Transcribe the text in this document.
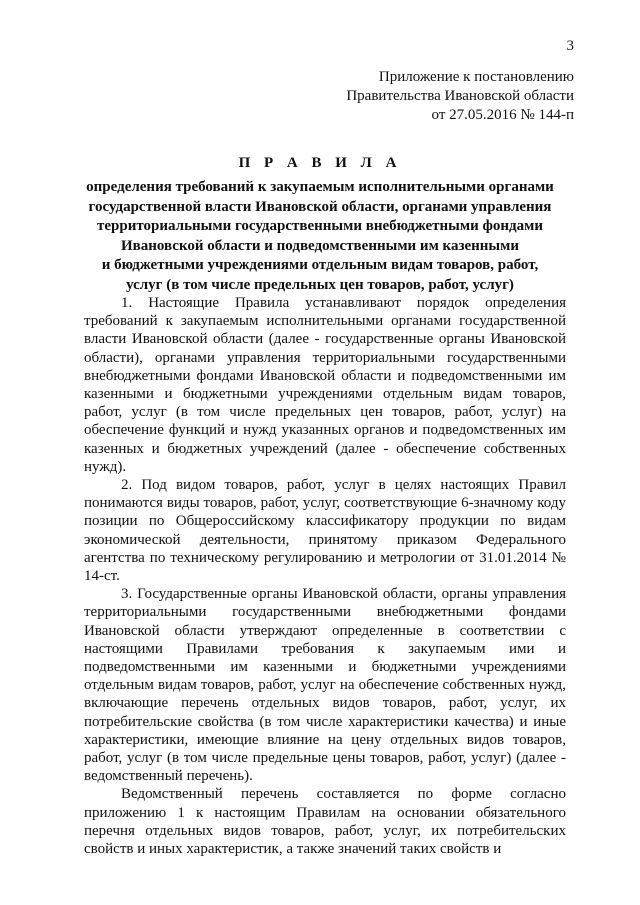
3
Приложение к постановлению
Правительства Ивановской области
от 27.05.2016 № 144-п
П Р А В И Л А
определения требований к закупаемым исполнительными органами
государственной власти Ивановской области, органами управления
территориальными государственными внебюджетными фондами
Ивановской области и подведомственными им казенными
и бюджетными учреждениями отдельным видам товаров, работ,
услуг (в том числе предельных цен товаров, работ, услуг)

1. Настоящие Правила устанавливают порядок определения требований к закупаемым исполнительными органами государственной власти Ивановской области (далее - государственные органы Ивановской области), органами управления территориальными государственными внебюджетными фондами Ивановской области и подведомственными им казенными и бюджетными учреждениями отдельным видам товаров, работ, услуг (в том числе предельных цен товаров, работ, услуг) на обеспечение функций и нужд указанных органов и подведомственных им казенных и бюджетных учреждений (далее - обеспечение собственных нужд).

2. Под видом товаров, работ, услуг в целях настоящих Правил понимаются виды товаров, работ, услуг, соответствующие 6-значному коду позиции по Общероссийскому классификатору продукции по видам экономической деятельности, принятому приказом Федерального агентства по техническому регулированию и метрологии от 31.01.2014 № 14-ст.

3. Государственные органы Ивановской области, органы управления территориальными государственными внебюджетными фондами Ивановской области утверждают определенные в соответствии с настоящими Правилами требования к закупаемым ими и подведомственными им казенными и бюджетными учреждениями отдельным видам товаров, работ, услуг на обеспечение собственных нужд, включающие перечень отдельных видов товаров, работ, услуг, их потребительские свойства (в том числе характеристики качества) и иные характеристики, имеющие влияние на цену отдельных видов товаров, работ, услуг (в том числе предельные цены товаров, работ, услуг) (далее - ведомственный перечень).

Ведомственный перечень составляется по форме согласно приложению 1 к настоящим Правилам на основании обязательного перечня отдельных видов товаров, работ, услуг, их потребительских свойств и иных характеристик, а также значений таких свойств и
